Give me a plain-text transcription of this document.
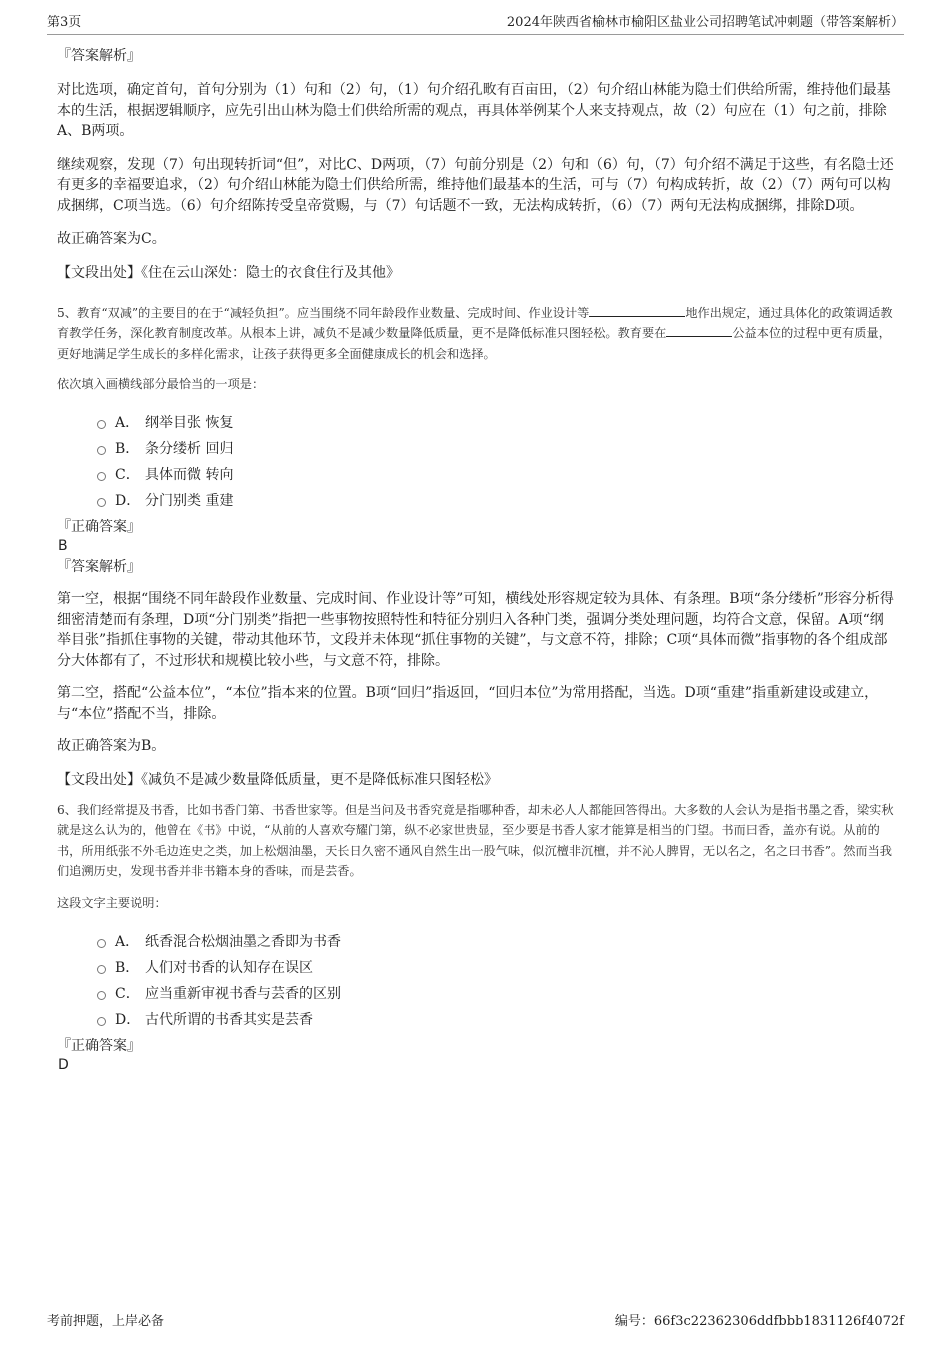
第3页	2024年陕西省榆林市榆阳区盐业公司招聘笔试冲刺题（带答案解析）

『答案解析』

对比选项，确定首句，首句分别为（1）句和（2）句，（1）句介绍孔畋有百亩田，（2）句介绍山林能为隐士们供给所需，维持他们最基本的生活，根据逻辑顺序，应先引出山林为隐士们供给所需的观点，再具体举例某个人来支持观点，故（2）句应在（1）句之前，排除A、B两项。

继续观察，发现（7）句出现转折词“但”，对比C、D两项，（7）句前分别是（2）句和（6）句，（7）句介绍不满足于这些，有名隐士还有更多的幸福要追求，（2）句介绍山林能为隐士们供给所需，维持他们最基本的生活，可与（7）句构成转折，故（2）（7）两句可以构成捆绑，C项当选。（6）句介绍陈抟受皇帝赏赐，与（7）句话题不一致，无法构成转折，（6）（7）两句无法构成捆绑，排除D项。

故正确答案为C。

【文段出处】《住在云山深处：隐士的衣食住行及其他》

5、教育“双减”的主要目的在于“减轻负担”。应当围绕不同年龄段作业数量、完成时间、作业设计等	地作出规定，通过具体化的政策调适教育教学任务，深化教育制度改革。从根本上讲，减负不是减少数量降低质量，更不是降低标准只图轻松。教育要在	公益本位的过程中更有质量，更好地满足学生成长的多样化需求，让孩子获得更多全面健康成长的机会和选择。

依次填入画横线部分最恰当的一项是：

A． 纲举目张 恢复
B． 条分缕析 回归
C． 具体而微 转向
D． 分门别类 重建

『正确答案』

B

『答案解析』

第一空，根据“围绕不同年龄段作业数量、完成时间、作业设计等”可知，横线处形容规定较为具体、有条理。B项“条分缕析”形容分析得细密清楚而有条理，D项“分门别类”指把一些事物按照特性和特征分别归入各种门类，强调分类处理问题，均符合文意，保留。A项“纲举目张”指抓住事物的关键，带动其他环节，文段并未体现“抓住事物的关键”，与文意不符，排除；C项“具体而微”指事物的各个组成部分大体都有了，不过形状和规模比较小些，与文意不符，排除。

第二空，搭配“公益本位”，“本位”指本来的位置。B项“回归”指返回，“回归本位”为常用搭配，当选。D项“重建”指重新建设或建立，与“本位”搭配不当，排除。

故正确答案为B。

【文段出处】《减负不是减少数量降低质量，更不是降低标准只图轻松》

6、我们经常提及书香，比如书香门第、书香世家等。但是当问及书香究竟是指哪种香，却未必人人都能回答得出。大多数的人会认为是指书墨之香，梁实秋就是这么认为的，他曾在《书》中说，“从前的人喜欢夸耀门第，纵不必家世贵显，至少要是书香人家才能算是相当的门望。书而曰香，盖亦有说。从前的书，所用纸张不外毛边连史之类，加上松烟油墨，天长日久密不通风自然生出一股气味，似沉檀非沉檀，并不沁人脾胃，无以名之，名之曰书香”。然而当我们追溯历史，发现书香并非书籍本身的香味，而是芸香。

这段文字主要说明：

A． 纸香混合松烟油墨之香即为书香
B． 人们对书香的认知存在误区
C． 应当重新审视书香与芸香的区别
D． 古代所谓的书香其实是芸香

『正确答案』

D

考前押题，上岸必备	编号：66f3c22362306ddfbbb1831126f4072f
